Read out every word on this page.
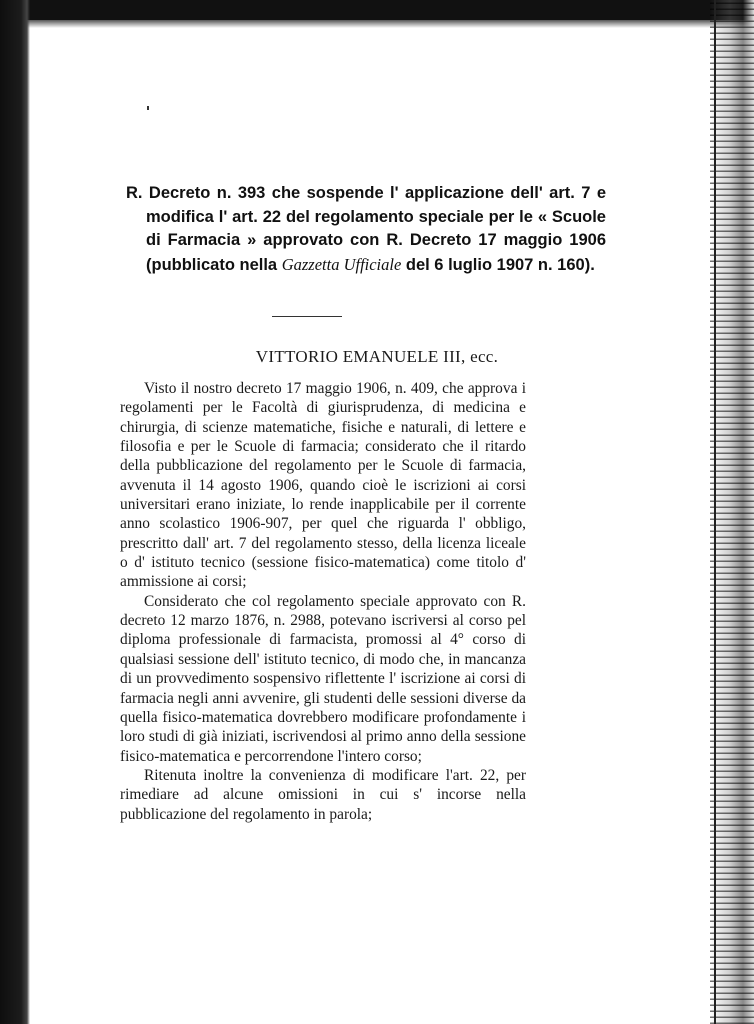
R. Decreto n. 393 che sospende l' applicazione dell' art. 7 e modifica l' art. 22 del regolamento speciale per le « Scuole di Farmacia » approvato con R. Decreto 17 maggio 1906 (pubblicato nella Gazzetta Ufficiale del 6 luglio 1907 n. 160).
VITTORIO EMANUELE III, ecc.

Visto il nostro decreto 17 maggio 1906, n. 409, che approva i regolamenti per le Facoltà di giurisprudenza, di medicina e chirurgia, di scienze matematiche, fisiche e naturali, di lettere e filosofia e per le Scuole di farmacia; considerato che il ritardo della pubblicazione del regolamento per le Scuole di farmacia, avvenuta il 14 agosto 1906, quando cioè le iscrizioni ai corsi universitari erano iniziate, lo rende inapplicabile per il corrente anno scolastico 1906-907, per quel che riguarda l' obbligo, prescritto dall' art. 7 del regolamento stesso, della licenza liceale o d' istituto tecnico (sessione fisico-matematica) come titolo d' ammissione ai corsi;

Considerato che col regolamento speciale approvato con R. decreto 12 marzo 1876, n. 2988, potevano iscriversi al corso pel diploma professionale di farmacista, promossi al 4° corso di qualsiasi sessione dell' istituto tecnico, di modo che, in mancanza di un provvedimento sospensivo riflettente l' iscrizione ai corsi di farmacia negli anni avvenire, gli studenti delle sessioni diverse da quella fisico-matematica dovrebbero modificare profondamente i loro studi di già iniziati, iscrivendosi al primo anno della sessione fisico-matematica e percorrendone l'intero corso;

Ritenuta inoltre la convenienza di modificare l'art. 22, per rimediare ad alcune omissioni in cui s' incorse nella pubblicazione del regolamento in parola;
